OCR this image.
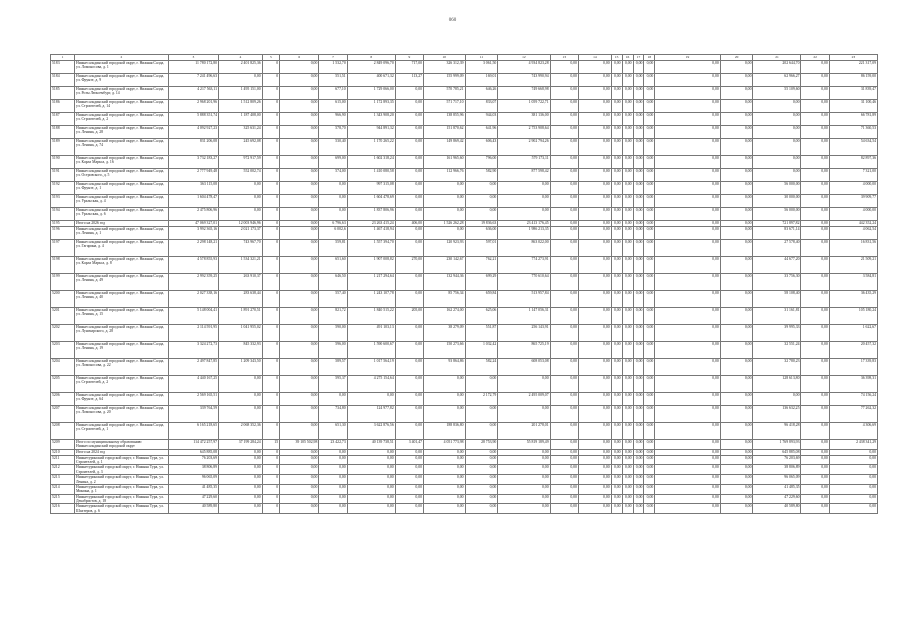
060
1	2	3	4	5	6	7	8	9	10	11	12	13	14	15	16	17	18	19	20	21	22	23
5183	Нижнесальдинский городской округ, г. Нижняя Салда, ул. Ломоносова, д. 1	11 780 172,80	2 401 825,36	0	0,00	1 532,70	2 849 096,70	717,00	326 312,39	3 061,50	4 934 823,28	0,00	0,00	0,00	0,00	0,00	0,00	0,00	0,00	202 644,70	0,00	221 317,09
5184	Нижнесальдинский городской округ, г. Нижняя Салда, ул. Фрунзе, д. 9	7 241 496,63	0,00	0	0,00	551,51	400 671,32	113,27	155 999,09	169,01	743 990,94	0,00	0,00	0,00	0,00	0,00	0,00	0,00	0,00	62 966,27	0,00	86 159,00
5185	Нижнесальдинский городской округ, г. Нижняя Салда, ул. Розы Люксембург, д. 14	4 217 563,11	1 495 151,00	0	0,00	677,10	1 729 066,00	0,00	570 785,21	646,26	749 668,98	0,00	0,00	0,00	0,00	0,00	0,00	0,00	0,00	55 109,60	0,00	31 839,47
5186	Нижнесальдинский городской округ, г. Нижняя Салда, ул. Строителей, д. 14	2 968 201,96	1 512 809,26	0	0,00	615,00	1 172 893,35	0,00	571 717,10	833,07	1 059 722,71	0,00	0,00	0,00	0,00	0,00	0,00	0,00	0,00	0,00	0,00	31 100,46
5187	Нижнесальдинский городской округ, г. Нижняя Салда, ул. Строителей, д. 2	5 888 351,74	1 187 408,00	0	0,00	966,90	1 343 908,20	0,00	138 855,96	944,03	381 136,00	0,00	0,00	0,00	0,00	0,00	0,00	0,00	0,00	0,00	0,00	66 781,89
5188	Нижнесальдинский городской округ, г. Нижняя Салда, ул. Ленина, д. 28	4 092 927,23	325 631,24	0	0,00	578,70	944 891,32	0,00	151 870,62	641,96	2 753 908,64	0,00	0,00	0,00	0,00	0,00	0,00	0,00	0,00	0,00	0,00	71 360,53
5189	Нижнесальдинский городской округ, г. Нижняя Салда, ул. Ленина, д. 74	831 206,08	245 692,08	0	0,00	530,40	1 170 265,22	0,00	149 869,42	606,43	2 902 794,26	0,00	0,00	0,00	0,00	0,00	0,00	0,00	0,00	0,00	0,00	54 634,54
5190	Нижнесальдинский городской округ, г. Нижняя Салда, ул. Карла Маркса, д. 16	3 732 183,27	972 917,59	0	0,00	699,00	1 602 318,24	0,00	161 965,60	796,00	579 173,11	0,00	0,00	0,00	0,00	0,00	0,00	0,00	0,00	0,00	0,00	82 897,36
5191	Нижнесальдинский городской округ, г. Нижняя Салда, ул. Островского, д. 5	2 777 949,48	552 002,74	0	0,00	574,00	1 410 080,58	0,00	112 966,76	582,90	877 598,42	0,00	0,00	0,00	0,00	0,00	0,00	0,00	0,00	0,00	0,00	7 321,00
5192	Нижнесальдинский городской округ, г. Нижняя Салда, ул. Фрунзе, д. 1	363 115,08	0,00	0	0,00	0,00	997 315,08	0,00	0,00	0,00	0,00	0,00	0,00	0,00	0,00	0,00	0,00	0,00	0,00	56 000,00	0,00	4 000,00
5193	Нижнесальдинский городской округ, г. Нижняя Салда, ул. Уральская, д. 4	1 604 478,47	0,00	0	0,00	0,00	1 604 478,69	0,00	0,00	0,00	0,00	0,00	0,00	0,00	0,00	0,00	0,00	0,00	0,00	30 000,00	0,00	39 909,77
5194	Нижнесальдинский городской округ, г. Нижняя Салда, ул. Уральская, д. 6	2 475 806,96	0,00	0	0,00	0,00	1 837 806,96	0,00	0,00	0,00	0,00	0,00	0,00	0,00	0,00	0,00	0,00	0,00	0,00	56 000,00	0,00	4 000,00
5195	Итого на 2026 год	47 069 327,01	12 003 946,96	0	0,00	6 796,63	23 263 415,24	406,00	1 526 262,28	19 836,63	23 413 176,45	0,00	0,00	0,00	0,00	0,00	0,00	0,00	0,00	721 897,82	0,00	442 352,24
5196	Нижнесальдинский городской округ, г. Нижняя Салда, ул. Ленина, д. 1	3 992 365,16	2 021 173,37	0	0,00	6 002,6	1 467 418,94	0,00	0,00	636,00	1 986 213,35	0,00	0,00	0,00	0,00	0,00	0,00	0,00	0,00	83 671,14	0,00	4 062,54
5197	Нижнесальдинский городской округ, г. Нижняя Салда, ул. Гагарина, д. 4	2 298 148,21	743 967,70	0	0,00	559,81	1 557 394,70	0,00	120 923,93	597,01	863 022,00	0,00	0,00	0,00	0,00	0,00	0,00	0,00	0,00	27 578,40	0,00	16 831,56
5198	Нижнесальдинский городской округ, г. Нижняя Салда, ул. Карла Маркса, д. 8	4 578 855,93	1 534 321,21	0	0,00	651,60	1 907 008,82	270,00	230 142,67	762,21	774 273,91	0,00	0,00	0,00	0,00	0,00	0,00	0,00	0,00	44 677,20	0,00	21 509,21
5199	Нижнесальдинский городской округ, г. Нижняя Салда, ул. Ленина, д. 49	2 992 359,25	263 910,37	0	0,00	646,50	1 217 294,64	0,00	132 944,36	699,29	770 610,64	0,00	0,00	0,00	0,00	0,00	0,00	0,00	0,00	33 756,30	0,00	3 584,81
5200	Нижнесальдинский городской округ, г. Нижняя Салда, ул. Ленина, д. 40	2 027 338,16	283 638,44	0	0,00	557,40	1 243 107,78	0,00	85 756,34	659,84	513 957,84	0,00	0,00	0,00	0,00	0,00	0,00	0,00	0,00	58 108,40	0,00	36 435,29
5201	Нижнесальдинский городской округ, г. Нижняя Салда, ул. Ленина, д. 15	5 148 004,41	1 891 270,51	0	0,00	821,72	1 840 515,22	205,00	162 274,00	625,06	1 147 056,31	0,00	0,00	0,00	0,00	0,00	0,00	0,00	0,00	31 161,81	0,00	105 180,24
5202	Нижнесальдинский городской округ, г. Нижняя Салда, ул. Луначарского, д. 28	2 114 591,95	1 041 955,02	0	0,00	590,00	491 103,13	0,00	38 279,09	551,87	256 143,91	0,00	0,00	0,00	0,00	0,00	0,00	0,00	0,00	39 995,33	0,00	1 622,67
5203	Нижнесальдинский городской округ, г. Нижняя Салда, ул. Ленина, д. 19	3 324 272,73	845 332,93	0	0,00	596,00	1 590 600,67	0,00	150 273,66	1 032,42	865 725,19	0,00	0,00	0,00	0,00	0,00	0,00	0,00	0,00	32 551,24	0,00	20 457,32
5204	Нижнесальдинский городской округ, г. Нижняя Салда, ул. Ломоносова, д. 22	2 497 847,85	1 209 343,50	0	0,00	589,57	1 017 564,19	0,00	93 864,86	582,24	608 053,08	0,00	0,00	0,00	0,00	0,00	0,00	0,00	0,00	32 780,23	0,00	17 339,83
5205	Нижнесальдинский городской округ, г. Нижняя Салда, ул. Строителей, д. 2	4 440 167,25	0,00	0	0,00	595,37	4 275 154,64	0,00	0,00	0,00	0,00	0,00	0,00	0,00	0,00	0,00	0,00	0,00	0,00	128 613,80	0,00	36 398,31
5206	Нижнесальдинский городской округ, г. Нижняя Салда, ул. Фрунзе, д. 64	2 569 165,51	0,00	0	0,00	0,00	0,00	0,00	0,00	2 172,79	2 495 009,07	0,00	0,00	0,00	0,00	0,00	0,00	0,00	0,00	0,00	0,00	74 156,24
5207	Нижнесальдинский городской округ, г. Нижняя Салда, ул. Ломоносова, д. 20	339 764,59	0,00	0	0,00	734,80	124 977,82	0,00	0,00	0,00	0,00	0,00	0,00	0,00	0,00	0,00	0,00	0,00	0,00	136 632,25	0,00	77 262,32
5208	Нижнесальдинский городской округ, г. Нижняя Салда, ул. Строителей, д. 1	6 165 218,65	2 068 352,36	0	0,00	651,30	3 622 876,56	0,00	188 836,80	0,00	201 278,01	0,00	0,00	0,00	0,00	0,00	0,00	0,00	0,00	96 418,28	0,00	4 306,69
5209	Итого по муниципальному образованию Нижнесальдинский городской округ	114 472 257,97	37 199 284,24	15	39 105 502,98	23 422,73	40 139 738,51	3 401,47	4 051 773,98	28 753,90	55 819 189,49	0,00	0,00	0,00	0,00	0,00	0,00	0,00	0,00	1 769 893,93	0,00	2 438 341,29
5210	Итого на 2024 год	645 885,08	0,00	0	0,00	0,00	0,00	0,00	0,00	0,00	0,00	0,00	0,00	0,00	0,00	0,00	0,00	0,00	0,00	645 885,08	0,00	0,00
5211	Нижнетуринский городской округ, г. Нижняя Тура, ул. Строителей, д. 1	76 203,69	0,00	0	0,00	0,00	0,00	0,00	0,00	0,00	0,00	0,00	0,00	0,00	0,00	0,00	0,00	0,00	0,00	76 203,69	0,00	0,00
5212	Нижнетуринский городской округ, г. Нижняя Тура, ул. Строителей, д. 3	38 806,89	0,00	0	0,00	0,00	0,00	0,00	0,00	0,00	0,00	0,00	0,00	0,00	0,00	0,00	0,00	0,00	0,00	38 806,89	0,00	0,00
5213	Нижнетуринский городской округ, г. Нижняя Тура, ул. Ленина, д. 2	96 065,09	0,00	0	0,00	0,00	0,00	0,00	0,00	0,00	0,00	0,00	0,00	0,00	0,00	0,00	0,00	0,00	0,00	96 065,09	0,00	0,00
5214	Нижнетуринский городской округ, г. Нижняя Тура, ул. Минина, д. 1	41 485,35	0,00	0	0,00	0,00	0,00	0,00	0,00	0,00	0,00	0,00	0,00	0,00	0,00	0,00	0,00	0,00	0,00	41 485,35	0,00	0,00
5215	Нижнетуринский городской округ, г. Нижняя Тура, ул. Декабристов, д. 18	47 229,60	0,00	0	0,00	0,00	0,00	0,00	0,00	0,00	0,00	0,00	0,00	0,00	0,00	0,00	0,00	0,00	0,00	47 229,60	0,00	0,00
5216	Нижнетуринский городской округ, г. Нижняя Тура, ул. Шахтеров, д. 6	40 589,80	0,00	0	0,00	0,00	0,00	0,00	0,00	0,00	0,00	0,00	0,00	0,00	0,00	0,00	0,00	0,00	0,00	40 589,80	0,00	0,00
